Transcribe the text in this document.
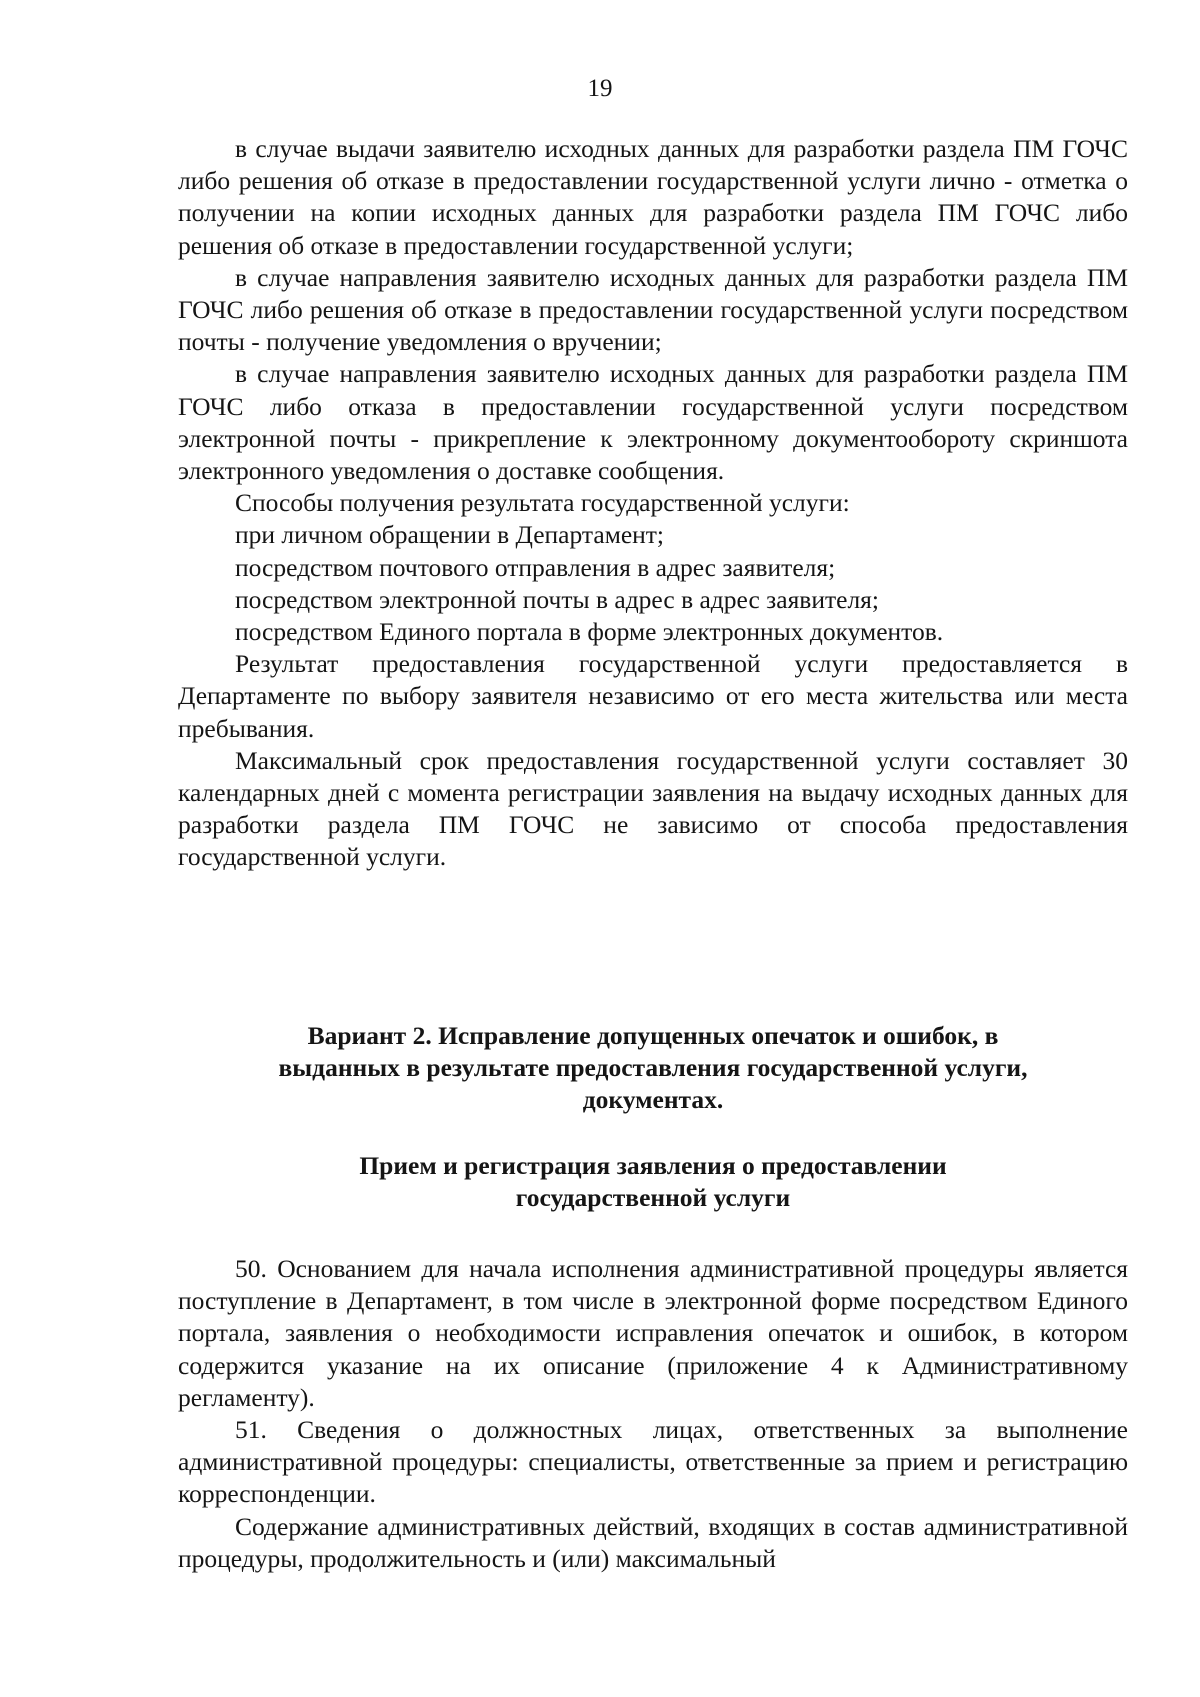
19

в случае выдачи заявителю исходных данных для разработки раздела ПМ ГОЧС либо решения об отказе в предоставлении государственной услуги лично - отметка о получении на копии исходных данных для разработки раздела ПМ ГОЧС либо решения об отказе в предоставлении государственной услуги;

в случае направления заявителю исходных данных для разработки раздела ПМ ГОЧС либо решения об отказе в предоставлении государственной услуги посредством почты - получение уведомления о вручении;

в случае направления заявителю исходных данных для разработки раздела ПМ ГОЧС либо отказа в предоставлении государственной услуги посредством электронной почты - прикрепление к электронному документообороту скриншота электронного уведомления о доставке сообщения.

Способы получения результата государственной услуги:

при личном обращении в Департамент;

посредством почтового отправления в адрес заявителя;

посредством электронной почты в адрес в адрес заявителя;

посредством Единого портала в форме электронных документов.

Результат предоставления государственной услуги предоставляется в Департаменте по выбору заявителя независимо от его места жительства или места пребывания.

Максимальный срок предоставления государственной услуги составляет 30 календарных дней с момента регистрации заявления на выдачу исходных данных для разработки раздела ПМ ГОЧС не зависимо от способа предоставления государственной услуги.

Вариант 2. Исправление допущенных опечаток и ошибок, в
выданных в результате предоставления государственной услуги,
документах.
Прием и регистрация заявления о предоставлении
государственной услуги

50. Основанием для начала исполнения административной процедуры является поступление в Департамент, в том числе в электронной форме посредством Единого портала, заявления о необходимости исправления опечаток и ошибок, в котором содержится указание на их описание (приложение 4 к Административному регламенту).

51. Сведения о должностных лицах, ответственных за выполнение административной процедуры: специалисты, ответственные за прием и регистрацию корреспонденции.

Содержание административных действий, входящих в состав административной процедуры, продолжительность и (или) максимальный
